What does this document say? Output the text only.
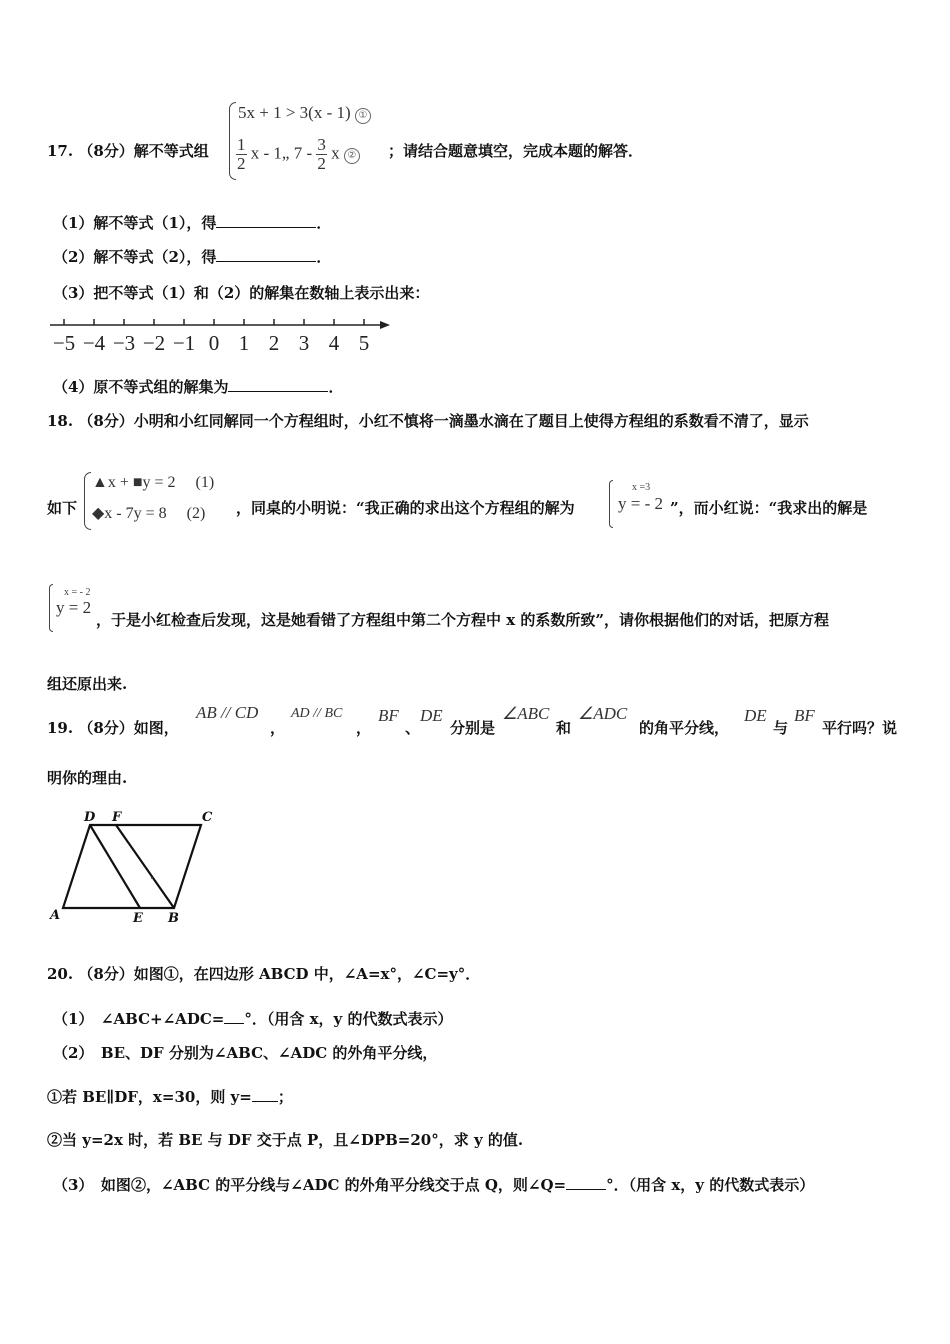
17. （8分）解不等式组
5x + 1 > 3(x - 1) ①
$\frac{1}{2}$ x - 1„ $7 - \frac{3}{2}$ x ② ；请结合题意填空，完成本题的解答．
（1）解不等式（1），得	．
（2）解不等式（2），得	．
（3）把不等式（1）和（2）的解集在数轴上表示出来：
−5 −4 −3 −2 −1 0 1 2 3 4 5
（4）原不等式组的解集为	．
18. （8分）小明和小红同解同一个方程组时，小红不慎将一滴墨水滴在了题目上使得方程组的系数看不清了，显示
如下
▲x + ■y = 2 (1)
◆x - 7y = 8 (2) ，同桌的小明说：“我正确的求出这个方程组的解为
x =3
y = - 2 ”，而小红说：“我求出的解是
x = - 2
y = 2
，于是小红检查后发现，这是她看错了方程组中第二个方程中 x 的系数所致”，请你根据他们的对话，把原方程
组还原出来.
19. （8分）如图，
AB // CD
，
AD // BC
，
BF
、
DE
分别是
∠ABC
和
∠ADC
的角平分线，
DE
与
BF
平行吗？说
明你的理由.
D F	C
A	E B
20. （8分）如图①，在四边形 ABCD 中，∠A=x°，∠C=y°．
（1）　∠ABC+∠ADC= °．（用含 x，y 的代数式表示）
（2）　BE、DF 分别为∠ABC、∠ADC 的外角平分线，
①若 BE∥DF，x=30，则 y= ；
②当 y=2x 时，若 BE 与 DF 交于点 P，且∠DPB=20°，求 y 的值.
（3）　如图②，∠ABC 的平分线与∠ADC 的外角平分线交于点 Q，则∠Q=	°．（用含 x，y 的代数式表示）
